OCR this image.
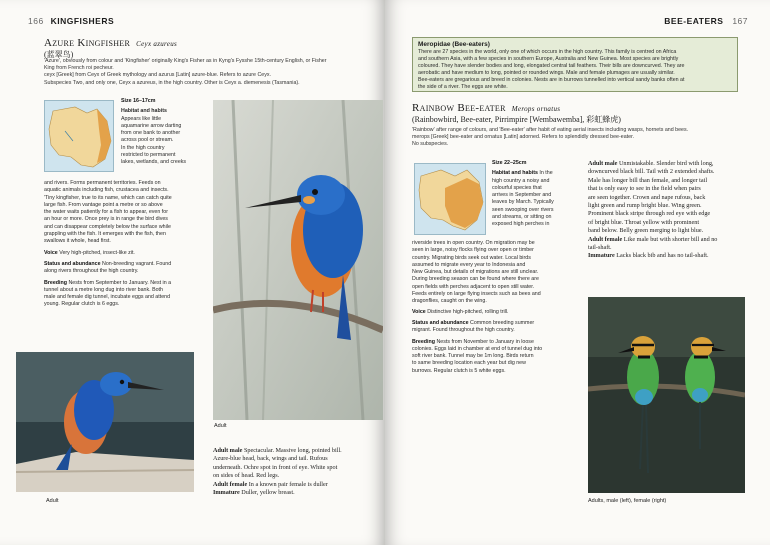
166 KINGFISHERS
Azure Kingfisher Ceyx azureus
(蓝翠鸟)
'Azure', obviously from colour and 'Kingfisher' originally King's Fisher as in Kyng's Fysshe 15th-century English, or Fisher
King from French roi pecheur.
ceyx [Greek] from Ceyx of Greek mythology and azurus [Latin] azure-blue. Refers to azure Ceyx.
Subspecies Two, and only one, Ceyx a azureus, in the high country. Other is Ceyx a. diemenesis (Tasmania).
Size 16–17cm
Habitat and habits
Appears like little
aquamarine arrow darting
from one bank to another
across pool or stream.
In the high country
restricted to permanent
lakes, wetlands, and creeks
and rivers. Forms permanent territories. Feeds on
aquatic animals including fish, crustacea and insects.
'Tiny kingfisher, true to its name, which can catch quite
large fish. From vantage point a metre or so above
the water waits patiently for a fish to appear, even for
an hour or more. Once prey is in range the bird dives
and can disappear completely below the surface while
grappling with the fish. It emerges with the fish, then
swallows it whole, head first.
Voice Very high-pitched, insect-like zit.
Status and abundance Non-breeding vagrant. Found
along rivers throughout the high country.
Breeding Nests from September to January. Nest in a
tunnel about a metre long dug into river bank. Both
male and female dig tunnel, incubate eggs and attend
young. Regular clutch is 6 eggs.
Adult
Adult
Adult male Spectacular. Massive long, pointed bill.
Azure-blue head, back, wings and tail. Rufous
underneath. Ochre spot in front of eye. White spot
on sides of head. Red legs.
Adult female In a known pair female is duller
Immature Duller, yellow breast.
BEE-EATERS 167
Meropidae (Bee-eaters)
There are 27 species in the world, only one of which occurs in the high country. This family is centred on Africa
and southern Asia, with a few species in southern Europe, Australia and New Guinea. Most species are brightly
coloured. They have slender bodies and long, elongated central tail feathers. Their bills are downcurved. They are
aerobatic and have medium to long, pointed or rounded wings. Male and female plumages are usually similar.
Bee-eaters are gregarious and breed in colonies. Nests are in burrows tunnelled into vertical sandy banks often at
the side of a river. The eggs are white.
Rainbow Bee-eater Merops ornatus
(Rainbowbird, Bee-eater, Pirrimpire [Wembawemba], 彩虹蜂虎)
'Rainbow' after range of colours, and 'Bee-eater' after habit of eating aerial insects including wasps, hornets and bees.
merops [Greek] bee-eater and ornatus [Latin] adorned. Refers to splendidly dressed bee-eater.
No subspecies.
Size 22–25cm
Habitat and habits In the
high country a noisy and
colourful species that
arrives in September and
leaves by March. Typically
seen swooping over rivers
and streams, or sitting on
exposed high perches in
riverside trees in open country. On migration may be
seen in large, noisy flocks flying over open or timber
country. Migrating birds seek out water. Local birds
assumed to migrate every year to Indonesia and
New Guinea, but details of migrations are still unclear.
During breeding season can be found where there are
open fields with perches adjacent to open still water.
Feeds entirely on large flying insects such as bees and
dragonflies, caught on the wing.
Voice Distinctive high-pitched, rolling trill.
Status and abundance Common breeding summer
migrant. Found throughout the high country.
Breeding Nests from November to January in loose
colonies. Eggs laid in chamber at end of tunnel dug into
soft river bank. Tunnel may be 1m long. Birds return
to same breeding location each year but dig new
burrows. Regular clutch is 5 white eggs.
Adult male Unmistakable. Slender bird with long,
downcurved black bill. Tail with 2 extended shafts.
Male has longer bill than female, and longer tail
that is only easy to see in the field when pairs
are seen together. Crown and nape rufous, back
light green and rump bright blue. Wing green.
Prominent black stripe through red eye with edge
of bright blue. Throat yellow with prominent
band below. Belly green merging to light blue.
Adult female Like male but with shorter bill and no
tail-shaft.
Immature Lacks black bib and has no tail-shaft.
Adults, male (left), female (right)
